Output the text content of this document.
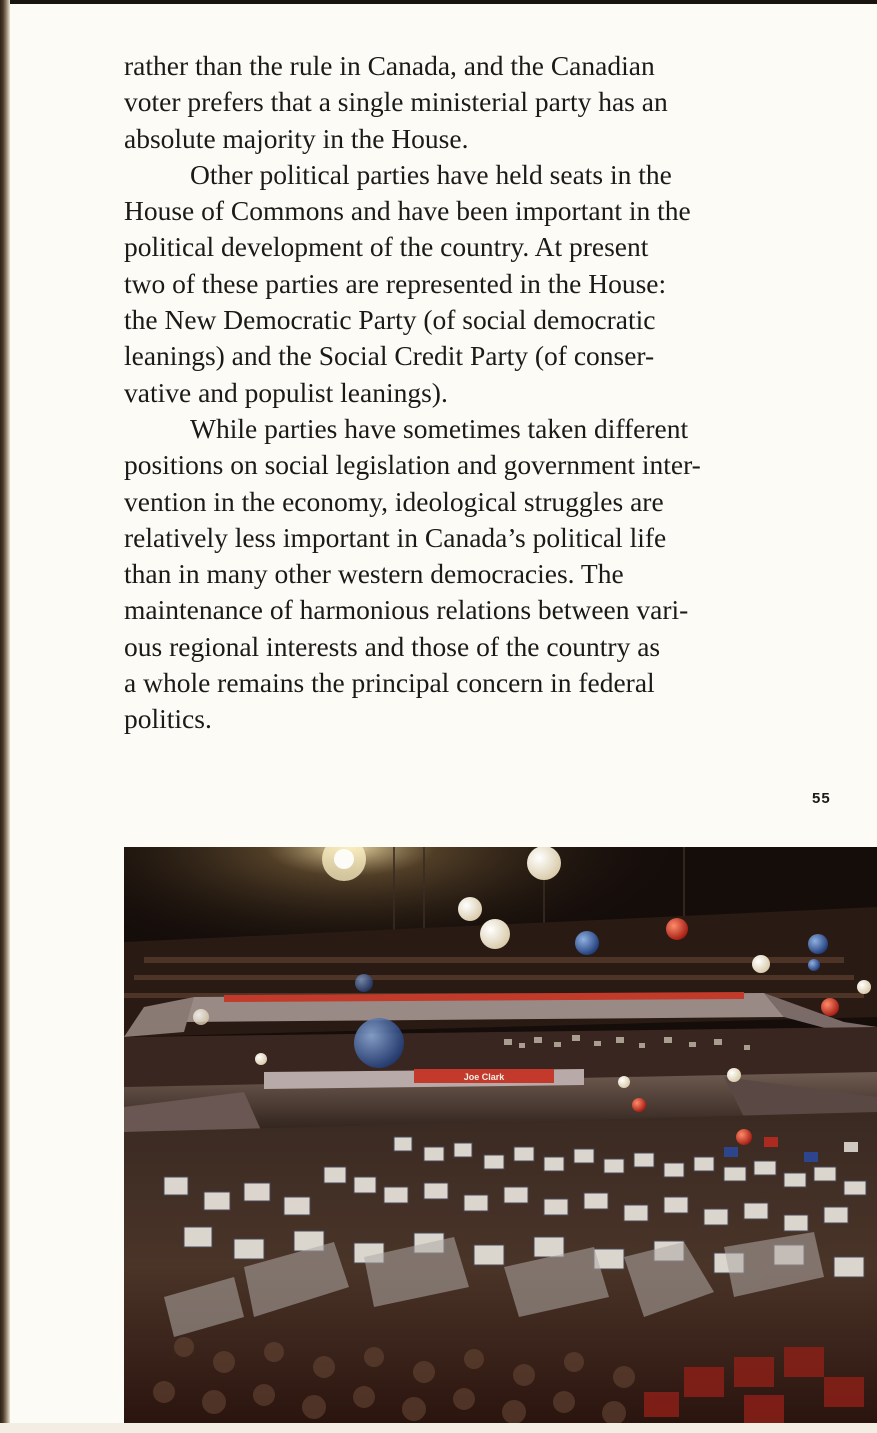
rather than the rule in Canada, and the Canadian
voter prefers that a single ministerial party has an
absolute majority in the House.

Other political parties have held seats in the
House of Commons and have been important in the
political development of the country. At present
two of these parties are represented in the House:
the New Democratic Party (of social democratic
leanings) and the Social Credit Party (of conser-
vative and populist leanings).

While parties have sometimes taken different
positions on social legislation and government inter-
vention in the economy, ideological struggles are
relatively less important in Canada’s political life
than in many other western democracies. The
maintenance of harmonious relations between vari-
ous regional interests and those of the country as
a whole remains the principal concern in federal
politics.

55
Joe Clark
